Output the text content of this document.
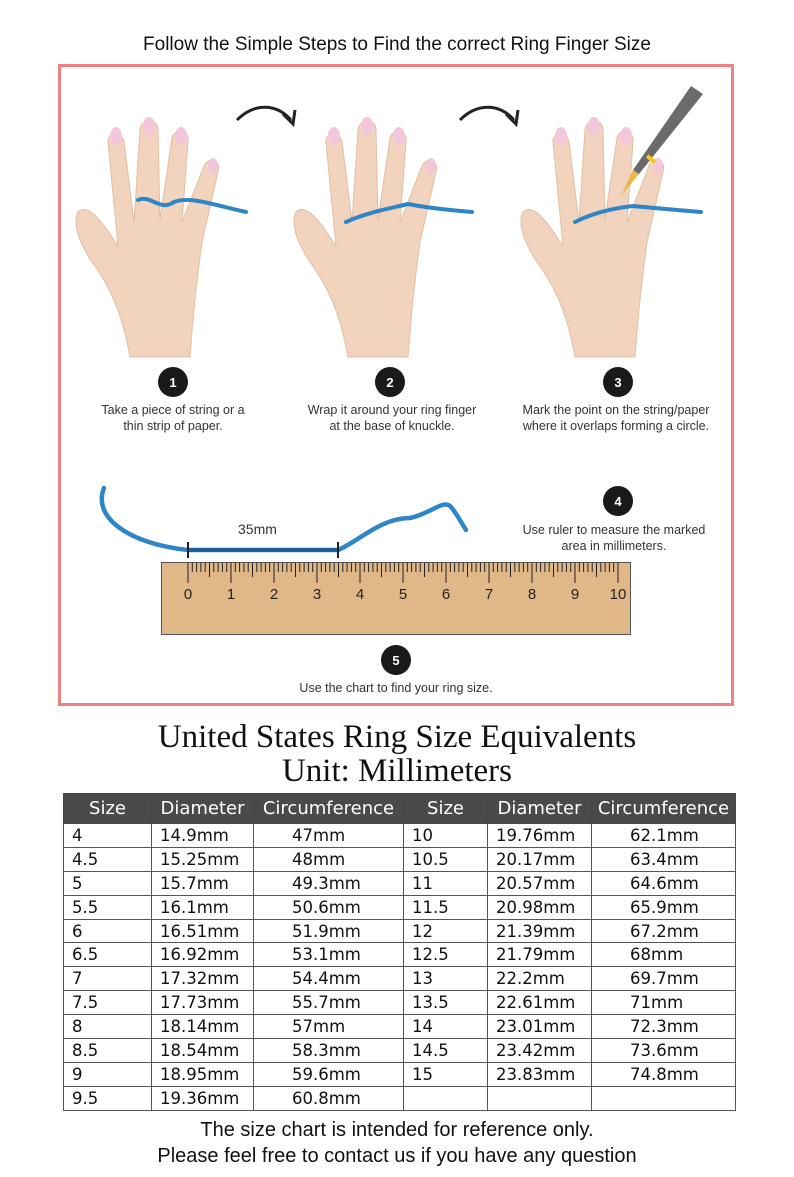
Follow the Simple Steps to Find the correct Ring Finger Size
1
Take a piece of string or a
thin strip of paper.
2
Wrap it around your ring finger
at the base of knuckle.
3
Mark the point on the string/paper
where it overlaps forming a circle.
35mm
0 1 2 3 4 5 6 7 8 9 10
4
Use ruler to measure the marked
area in millimeters.
5
Use the chart to find your ring size.
United States Ring Size Equivalents
Unit: Millimeters
Size	Diameter	Circumference	Size	Diameter	Circumference
4	14.9mm	47mm	10	19.76mm	62.1mm
4.5	15.25mm	48mm	10.5	20.17mm	63.4mm
5	15.7mm	49.3mm	11	20.57mm	64.6mm
5.5	16.1mm	50.6mm	11.5	20.98mm	65.9mm
6	16.51mm	51.9mm	12	21.39mm	67.2mm
6.5	16.92mm	53.1mm	12.5	21.79mm	68mm
7	17.32mm	54.4mm	13	22.2mm	69.7mm
7.5	17.73mm	55.7mm	13.5	22.61mm	71mm
8	18.14mm	57mm	14	23.01mm	72.3mm
8.5	18.54mm	58.3mm	14.5	23.42mm	73.6mm
9	18.95mm	59.6mm	15	23.83mm	74.8mm
9.5	19.36mm	60.8mm			
The size chart is intended for reference only.
Please feel free to contact us if you have any question
